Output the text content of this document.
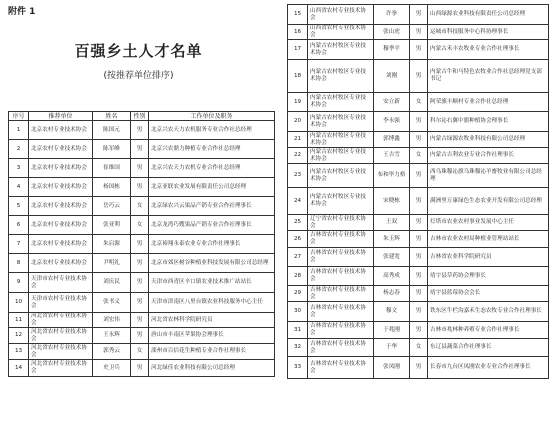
附件 1
百强乡土人才名单
(按推荐单位排序)
序号	推荐单位	姓名	性别	工作单位及职务
1	北京农村专业技术协会	陈国元	男	北京兴农天力农机服务专业合作社总经理
2	北京农村专业技术协会	陈军峰	男	北京兴农鼎力种植专业合作社总经理
3	北京农村专业技术协会	崔维国	男	北京兴农天力农机专业合作社总经理
4	北京农村专业技术协会	杨国栋	男	北京亚联农业发展有限责任公司总经理
5	北京农村专业技术协会	岳巧云	女	北京绿农兴云果品产销专业合作社理事长
6	北京农村专业技术协会	张亚利	女	北京龙湾巧嫂果品产销专业合作社理事长
7	北京农村专业技术协会	朱启源	男	北京裕翔永泰农业专业合作社理事长
8	北京农村专业技术协会	尹明礼	男	北京市郊区树谷种植业科技发展有限公司总经理
9	天津市农村专业技术协会	刘庆民	男	天津市西青区辛口镇农业技术推广站站长
10	天津市农村专业技术协会	张书义	男	天津市津南区八里台镇农业科技服务中心主任
11	河北省农村专业技术协会	刘宏伟	男	河北省农林科学院研究员
12	河北省农村专业技术协会	王永辉	男	唐山市丰南区苹果协会理事长
13	河北省农村专业技术协会	郭秀云	女	滦州市百信花生种植专业合作社理事长
14	河北省农村专业技术协会	史卫兵	男	河北绿佳农业科技有限公司总经理
15	山西省农村专业技术协会	许拳	男	山西绿源农业科技有限责任公司总经理
16	山西省农村专业技术协会	张山虎	男	运城市科技服务中心科协理事长
17	内蒙古农村牧区专业技术协会	穆季平	男	内蒙古禾丰农牧业专业合作社理事长
18	内蒙古农村牧区专业技术协会	刘刚	男	内蒙古牛和马特色农牧业合作社总经理党支部书记
19	内蒙古农村牧区专业技术协会	安立新	女	阿荣旗丰顺村专业合作社总经理
20	内蒙古农村牧区专业技术协会	李永强	男	科尔沁右翼中旗种植协会理事长
21	内蒙古农村牧区专业技术协会	郭博鑫	男	内蒙古绿源农牧业科技有限公司总经理
22	内蒙古农村牧区专业技术协会	王吉雪	女	内蒙古吉利农业专业合作社理事长
23	内蒙古农村牧区专业技术协会	布和毕力格	男	西乌珠穆沁旗乌珠穆沁羊畜牧业有限公司总经理
24	内蒙古农村牧区专业技术协会	宋晓栋	男	满洲里万康绿色生态农业开发有限公司总经理
25	辽宁省农村专业技术协会	王双	男	灯塔市农业农村事业发展中心主任
26	吉林省农村专业技术协会	朱玉辉	男	吉林市农业农村局种植业管理站站长
27	吉林省农村专业技术协会	张建宽	男	吉林省农业科学院研究员
28	吉林省农村专业技术协会	高秀成	男	靖宇县草药协会理事长
29	吉林省农村专业技术协会	杨志春	男	靖宇县蓝莓协会会长
30	吉林省农村专业技术协会	穆文	男	铁东区牛栏沟嘉禾生态农牧专业合作社理事长
31	吉林省农村专业技术协会	于兆刚	男	吉林市兆林种养殖专业合作社理事长
32	吉林省农村专业技术协会	于华	女	东辽县蔬菜合作社理事长
33	吉林省农村专业技术协会	张凤刚	男	长春市九台区凤刚农业专业合作社理事长
